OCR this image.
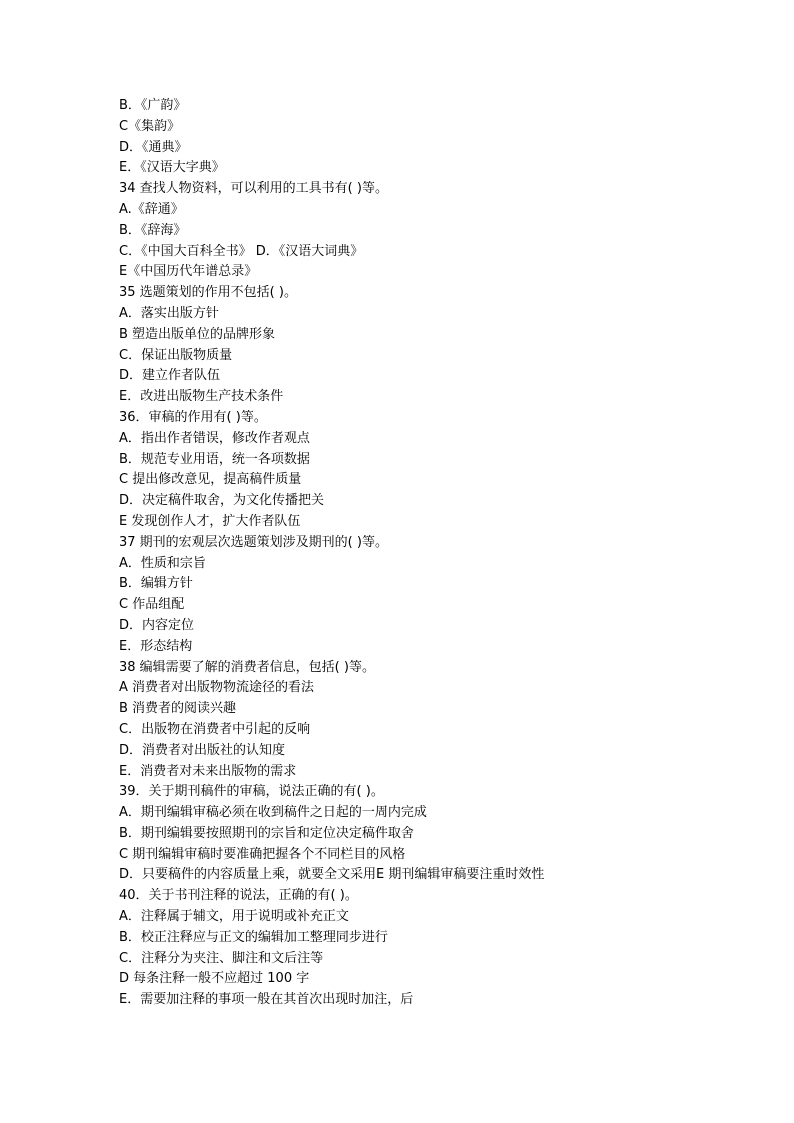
B．《广韵》
C《集韵》
D．《通典》
E．《汉语大字典》
34 查找人物资料，可以利用的工具书有( )等。
A.《辞通》
B．《辞海》
C．《中国大百科全书》 D．《汉语大词典》
E《中国历代年谱总录》
35 选题策划的作用不包括( )。
A．落实出版方针
B 塑造出版单位的品牌形象
C．保证出版物质量
D．建立作者队伍
E．改进出版物生产技术条件
36．审稿的作用有( )等。
A．指出作者错误，修改作者观点
B．规范专业用语，统一各项数据
C 提出修改意见，提高稿件质量
D．决定稿件取舍，为文化传播把关
E 发现创作人才，扩大作者队伍
37 期刊的宏观层次选题策划涉及期刊的( )等。
A．性质和宗旨
B．编辑方针
C 作品组配
D．内容定位
E．形态结构
38 编辑需要了解的消费者信息，包括( )等。
A 消费者对出版物物流途径的看法
B 消费者的阅读兴趣
C．出版物在消费者中引起的反响
D．消费者对出版社的认知度
E．消费者对未来出版物的需求
39．关于期刊稿件的审稿，说法正确的有( )。
A．期刊编辑审稿必须在收到稿件之日起的一周内完成
B．期刊编辑要按照期刊的宗旨和定位决定稿件取舍
C 期刊编辑审稿时要准确把握各个不同栏目的风格
D．只要稿件的内容质量上乘，就要全文采用E 期刊编辑审稿要注重时效性
40．关于书刊注释的说法，正确的有( )。
A．注释属于辅文，用于说明或补充正文
B．校正注释应与正文的编辑加工整理同步进行
C．注释分为夹注、脚注和文后注等
D 每条注释一般不应超过 100 字
E．需要加注释的事项一般在其首次出现时加注，后
